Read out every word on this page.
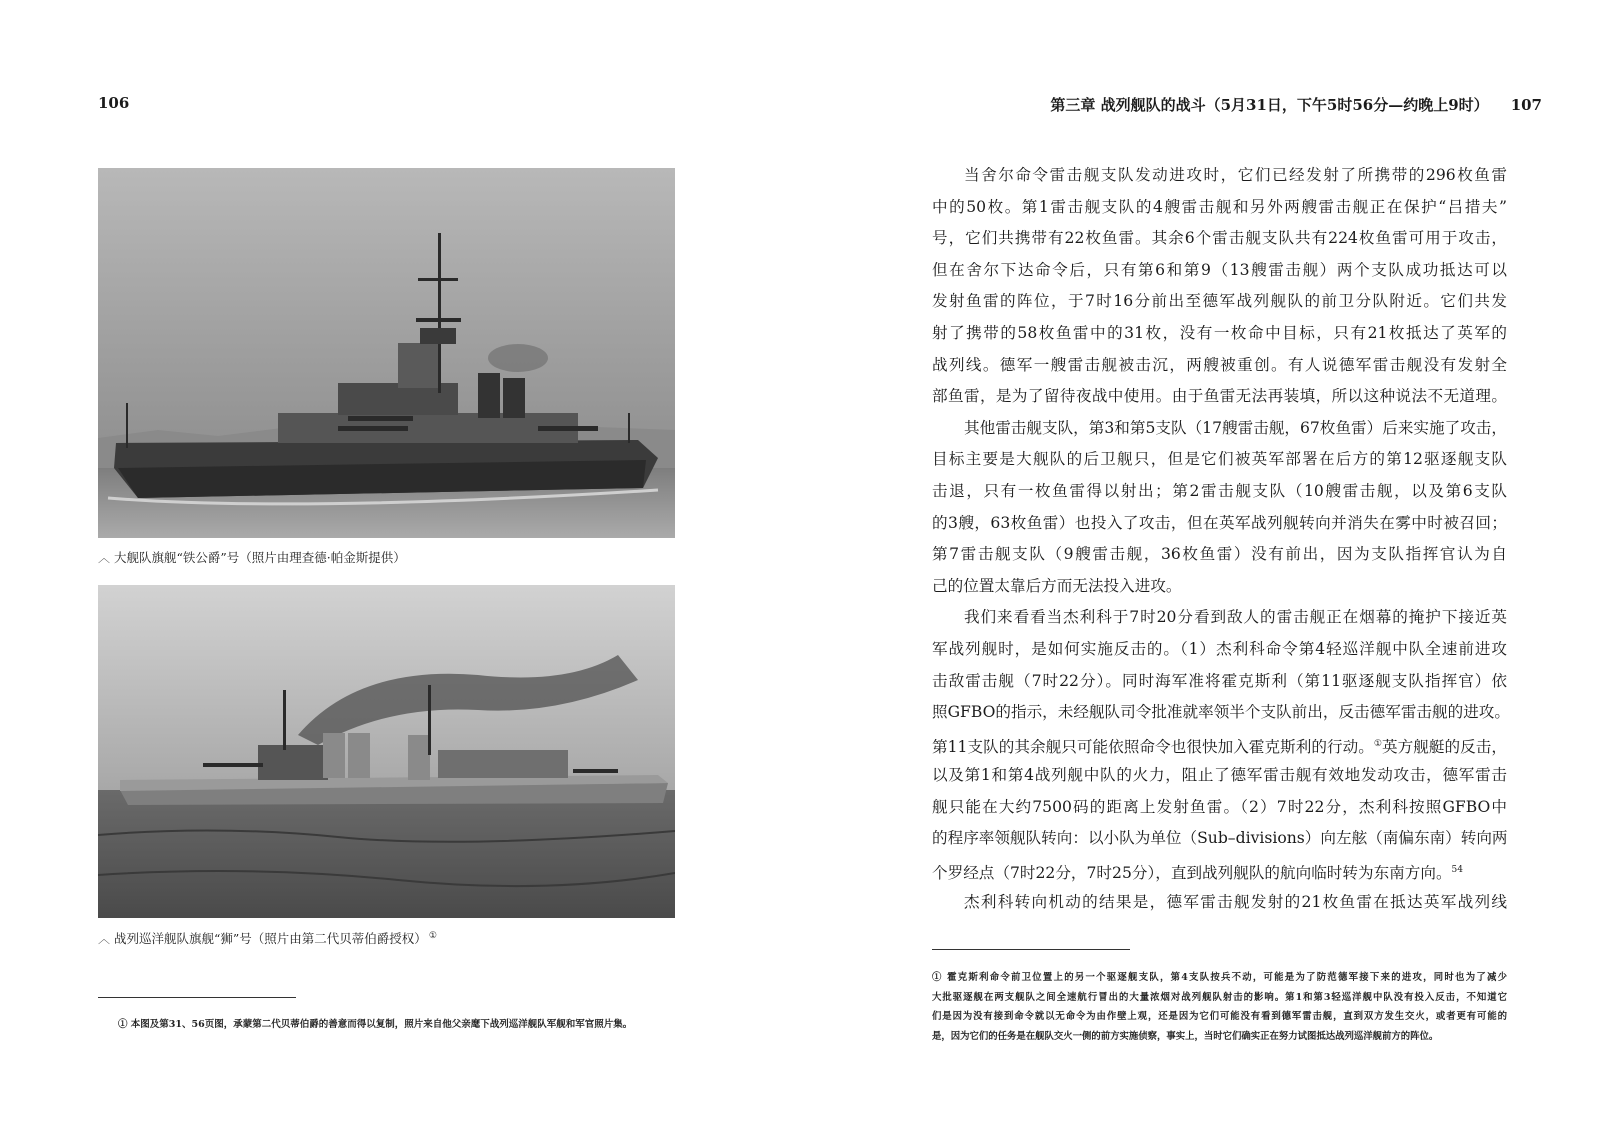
106
︿ 大舰队旗舰“铁公爵”号（照片由理查德·帕金斯提供）
︿ 战列巡洋舰队旗舰“狮”号（照片由第二代贝蒂伯爵授权） ①
① 本图及第31、56页图，承蒙第二代贝蒂伯爵的善意而得以复制，照片来自他父亲麾下战列巡洋舰队军舰和军官照片集。
第三章 战列舰队的战斗（5月31日，下午5时56分—约晚上9时） 107
当舍尔命令雷击舰支队发动进攻时，它们已经发射了所携带的296枚鱼雷
中的50枚。第1雷击舰支队的4艘雷击舰和另外两艘雷击舰正在保护“吕措夫”
号，它们共携带有22枚鱼雷。其余6个雷击舰支队共有224枚鱼雷可用于攻击，
但在舍尔下达命令后，只有第6和第9（13艘雷击舰）两个支队成功抵达可以
发射鱼雷的阵位，于7时16分前出至德军战列舰队的前卫分队附近。它们共发
射了携带的58枚鱼雷中的31枚，没有一枚命中目标，只有21枚抵达了英军的
战列线。德军一艘雷击舰被击沉，两艘被重创。有人说德军雷击舰没有发射全
部鱼雷，是为了留待夜战中使用。由于鱼雷无法再装填，所以这种说法不无道理。
其他雷击舰支队，第3和第5支队（17艘雷击舰，67枚鱼雷）后来实施了攻击，
目标主要是大舰队的后卫舰只，但是它们被英军部署在后方的第12驱逐舰支队
击退，只有一枚鱼雷得以射出；第2雷击舰支队（10艘雷击舰，以及第6支队
的3艘，63枚鱼雷）也投入了攻击，但在英军战列舰转向并消失在雾中时被召回；
第7雷击舰支队（9艘雷击舰，36枚鱼雷）没有前出，因为支队指挥官认为自
己的位置太靠后方而无法投入进攻。
我们来看看当杰利科于7时20分看到敌人的雷击舰正在烟幕的掩护下接近英
军战列舰时，是如何实施反击的。（1）杰利科命令第4轻巡洋舰中队全速前进攻
击敌雷击舰（7时22分）。同时海军准将霍克斯利（第11驱逐舰支队指挥官）依
照GFBO的指示，未经舰队司令批准就率领半个支队前出，反击德军雷击舰的进攻。
第11支队的其余舰只可能依照命令也很快加入霍克斯利的行动。①英方舰艇的反击，
以及第1和第4战列舰中队的火力，阻止了德军雷击舰有效地发动攻击，德军雷击
舰只能在大约7500码的距离上发射鱼雷。（2）7时22分，杰利科按照GFBO中
的程序率领舰队转向：以小队为单位（Sub–divisions）向左舷（南偏东南）转向两
个罗经点（7时22分，7时25分），直到战列舰队的航向临时转为东南方向。$^{54}$
杰利科转向机动的结果是，德军雷击舰发射的21枚鱼雷在抵达英军战列线
① 霍克斯利命令前卫位置上的另一个驱逐舰支队，第4支队按兵不动，可能是为了防范德军接下来的进攻，同时也为了减少
大批驱逐舰在两支舰队之间全速航行冒出的大量浓烟对战列舰队射击的影响。第1和第3轻巡洋舰中队没有投入反击，不知道它
们是因为没有接到命令就以无命令为由作壁上观，还是因为它们可能没有看到德军雷击舰，直到双方发生交火，或者更有可能的
是，因为它们的任务是在舰队交火一侧的前方实施侦察，事实上，当时它们确实正在努力试图抵达战列巡洋舰前方的阵位。
